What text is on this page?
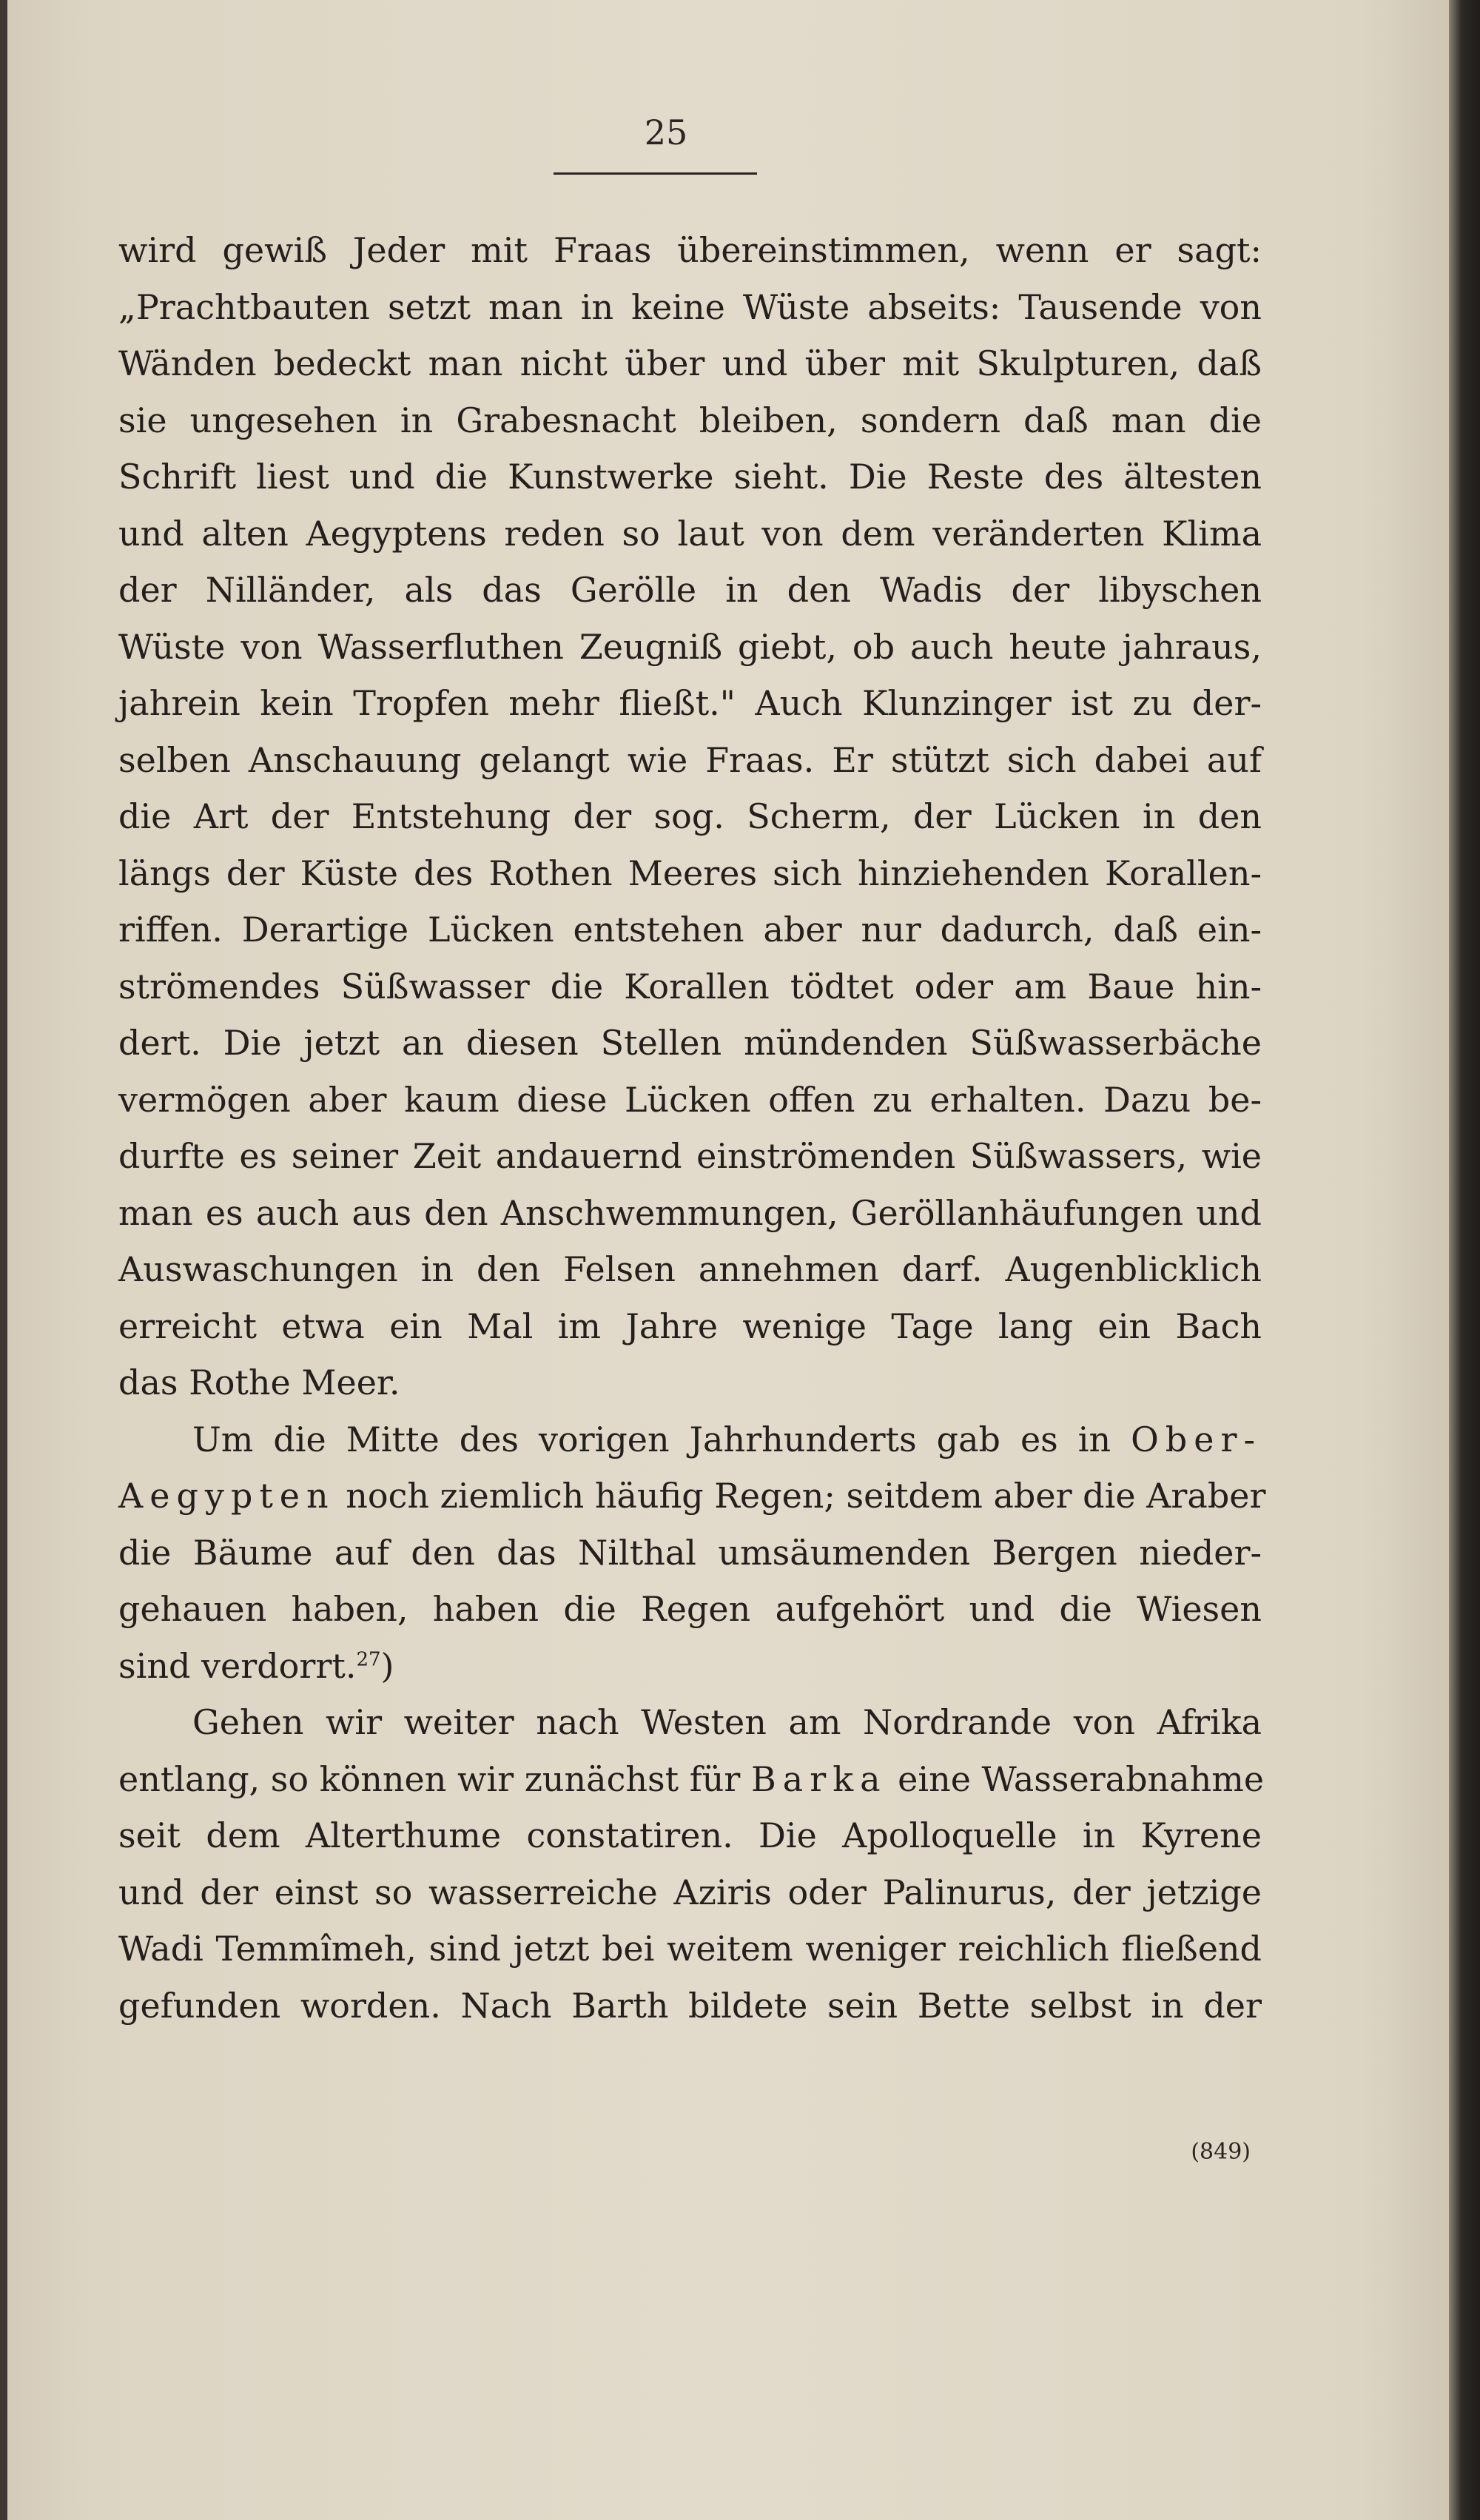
25
wird gewiß Jeder mit Fraas übereinstimmen, wenn er sagt:
„Prachtbauten setzt man in keine Wüste abseits: Tausende von
Wänden bedeckt man nicht über und über mit Skulpturen, daß
sie ungesehen in Grabesnacht bleiben, sondern daß man die
Schrift liest und die Kunstwerke sieht. Die Reste des ältesten
und alten Aegyptens reden so laut von dem veränderten Klima
der Nilländer, als das Gerölle in den Wadis der libyschen
Wüste von Wasserfluthen Zeugniß giebt, ob auch heute jahraus,
jahrein kein Tropfen mehr fließt." Auch Klunzinger ist zu der-
selben Anschauung gelangt wie Fraas. Er stützt sich dabei auf
die Art der Entstehung der sog. Scherm, der Lücken in den
längs der Küste des Rothen Meeres sich hinziehenden Korallen-
riffen. Derartige Lücken entstehen aber nur dadurch, daß ein-
strömendes Süßwasser die Korallen tödtet oder am Baue hin-
dert. Die jetzt an diesen Stellen mündenden Süßwasserbäche
vermögen aber kaum diese Lücken offen zu erhalten. Dazu be-
durfte es seiner Zeit andauernd einströmenden Süßwassers, wie
man es auch aus den Anschwemmungen, Geröllanhäufungen und
Auswaschungen in den Felsen annehmen darf. Augenblicklich
erreicht etwa ein Mal im Jahre wenige Tage lang ein Bach
das Rothe Meer.
Um die Mitte des vorigen Jahrhunderts gab es in Ober-
Aegypten noch ziemlich häufig Regen; seitdem aber die Araber
die Bäume auf den das Nilthal umsäumenden Bergen nieder-
gehauen haben, haben die Regen aufgehört und die Wiesen
sind verdorrt.$^{27}$)
Gehen wir weiter nach Westen am Nordrande von Afrika
entlang, so können wir zunächst für Barka eine Wasserabnahme
seit dem Alterthume constatiren. Die Apolloquelle in Kyrene
und der einst so wasserreiche Aziris oder Palinurus, der jetzige
Wadi Temmîmeh, sind jetzt bei weitem weniger reichlich fließend
gefunden worden. Nach Barth bildete sein Bette selbst in der
(849)
